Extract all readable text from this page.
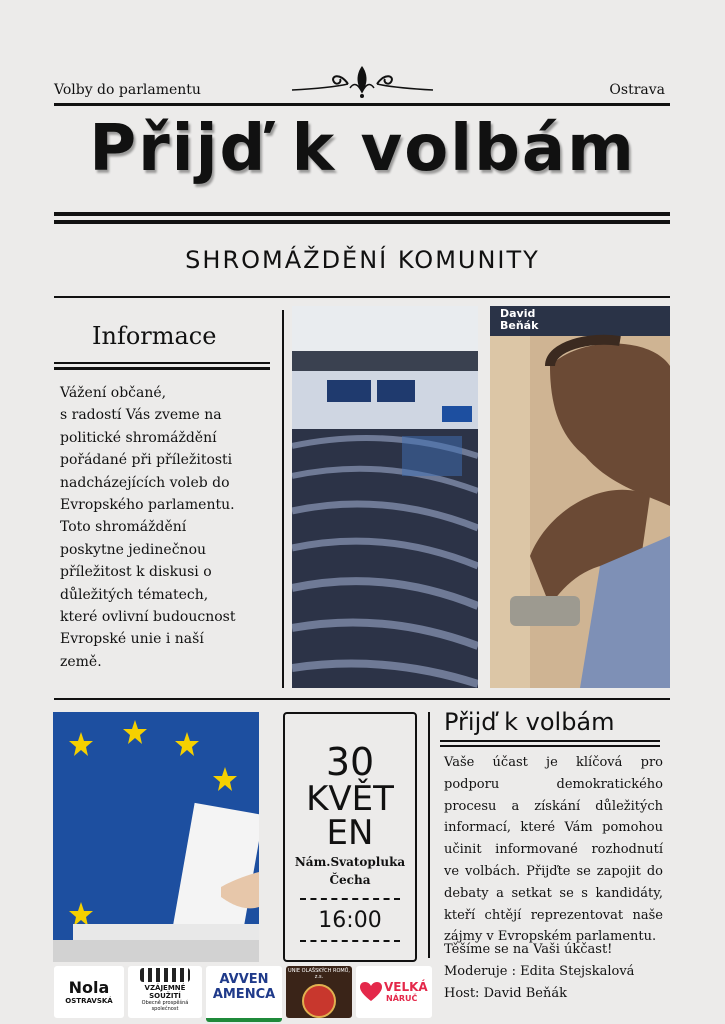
Volby do parlamentu	Ostrava
Přijď k volbám
SHROMÁŽDĚNÍ KOMUNITY
Informace
Vážení občané,
s radostí Vás zveme na
politické shromáždění
pořádané při příležitosti
nadcházejících voleb do
Evropského parlamentu.
Toto shromáždění
poskytne jedinečnou
příležitost k diskusi o
důležitých tématech,
které ovlivní budoucnost
Evropské unie i naší
země.
David
Beňák
30
KVĚT
EN
Nám.Svatopluka
Čecha
16:00
Přijď k volbám
Vaše účast je klíčová pro podporu demokratického procesu a získání důležitých informací, které Vám pomohou učinit informované rozhodnutí ve volbách. Přijďte se zapojit do debaty a setkat se s kandidáty, kteří chtějí reprezentovat naše zájmy v Evropském parlamentu.
Těšíme se na Vaši úkčast!
Moderuje : Edita Stejskalová
Host: David Beňák
Nola
OSTRAVSKÁ
VZÁJEMNÉ
SOUŽITÍ
Obecně prospěšná společnost
AVVEN
AMENCA
UNIE OLAŠSKÝCH ROMŮ, z.s.
VELKÁ
NÁRUČ
